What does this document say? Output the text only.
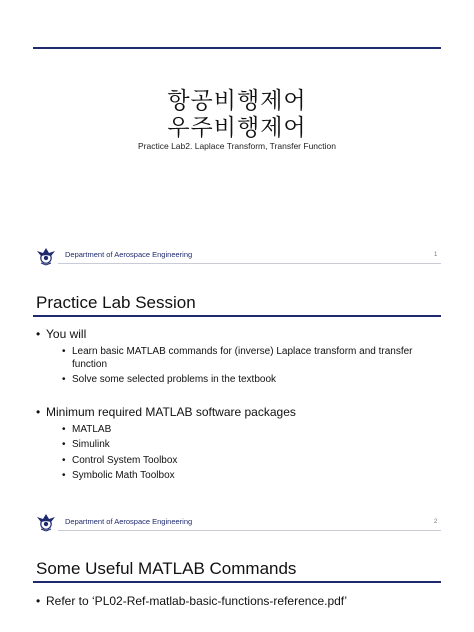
항공비행제어
우주비행제어
Practice Lab2. Laplace Transform, Transfer Function
Department of Aerospace Engineering	1
Practice Lab Session
• You will
• Learn basic MATLAB commands for (inverse) Laplace transform and transfer function
• Solve some selected problems in the textbook
• Minimum required MATLAB software packages
• MATLAB
• Simulink
• Control System Toolbox
• Symbolic Math Toolbox
Department of Aerospace Engineering	2
Some Useful MATLAB Commands
• Refer to ‘PL02-Ref-matlab-basic-functions-reference.pdf’
